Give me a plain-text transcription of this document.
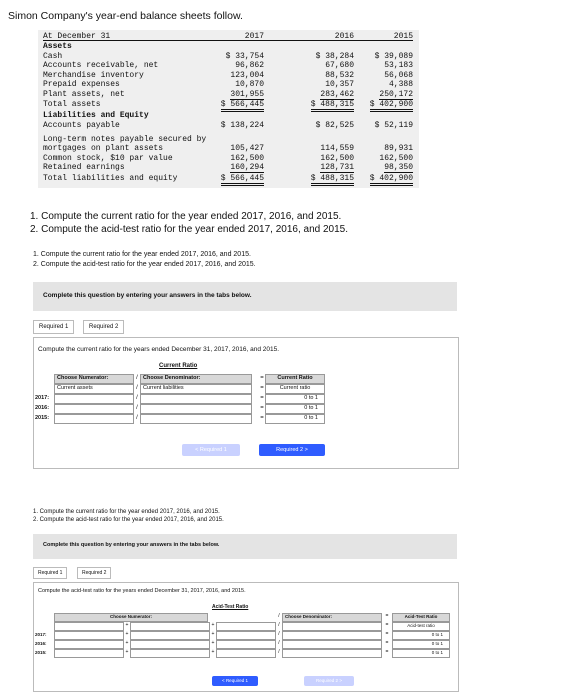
Simon Company's year-end balance sheets follow.
At December 31	2017	2016	2015
Assets
Cash	$ 33,754	$ 38,284	$ 39,089
Accounts receivable, net	96,862	67,680	53,183
Merchandise inventory	123,004	88,532	56,068
Prepaid expenses	10,870	10,357	4,388
Plant assets, net	301,955	283,462	250,172
Total assets	$ 566,445	$ 488,315	$ 402,900
Liabilities and Equity
Accounts payable	$ 138,224	$ 82,525	$ 52,119
Long-term notes payable secured by
mortgages on plant assets	105,427	114,559	89,931
Common stock, $10 par value	162,500	162,500	162,500
Retained earnings	160,294	128,731	98,350
Total liabilities and equity	$ 566,445	$ 488,315	$ 402,900
1. Compute the current ratio for the year ended 2017, 2016, and 2015.
2. Compute the acid-test ratio for the year ended 2017, 2016, and 2015.
1. Compute the current ratio for the year ended 2017, 2016, and 2015.
2. Compute the acid-test ratio for the year ended 2017, 2016, and 2015.
Complete this question by entering your answers in the tabs below.
Required 1	Required 2
Compute the current ratio for the years ended December 31, 2017, 2016, and 2015.
Current Ratio
Choose Numerator:	/ Choose Denominator:	=	Current Ratio
Current assets	/ Current liabilities	=	Current ratio
2017:	/	=	0 to 1
2016:	/	=	0 to 1
2015:	/	=	0 to 1
< Required 1	Required 2 >
1. Compute the current ratio for the year ended 2017, 2016, and 2015.
2. Compute the acid-test ratio for the year ended 2017, 2016, and 2015.
Complete this question by entering your answers in the tabs below.
Required 1	Required 2
Compute the acid-test ratio for the years ended December 31, 2017, 2016, and 2015.
Acid-Test Ratio
Choose Numerator:	/	Choose Denominator:	=	Acid-Test Ratio
+	+	/	=	Acid-test ratio
2017:	+	+	/	=	0 to 1
2016:	+	+	/	=	0 to 1
2015:	+	+	/	=	0 to 1
< Required 1	Required 2 >
